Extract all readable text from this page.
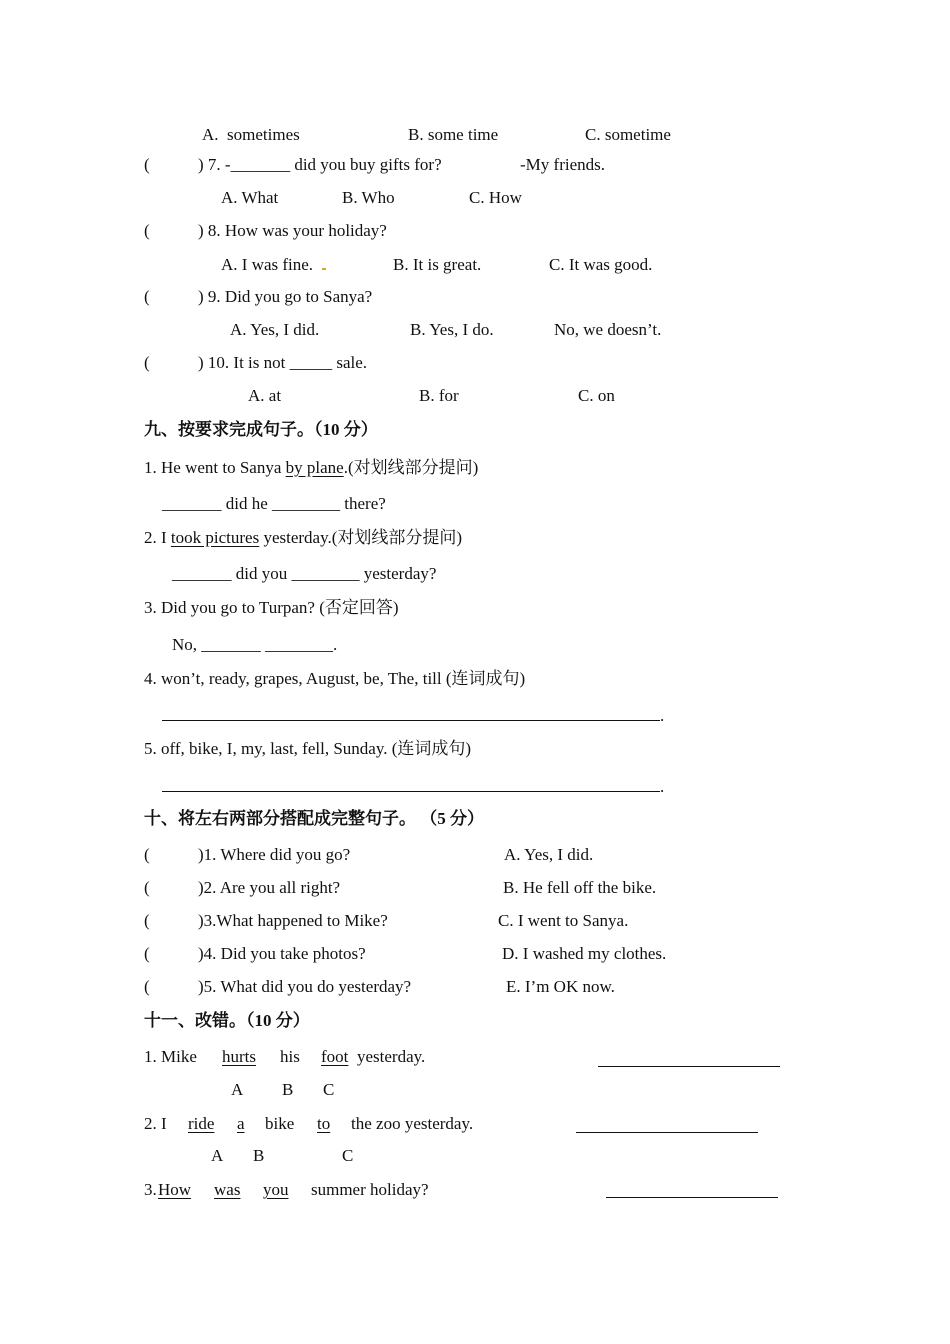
A.  sometimes	B. some time	C. sometime
(	) 7. -_______ did you buy gifts for?	-My friends.
A. What	B. Who	C. How
(	) 8. How was your holiday?
A. I was fine.	B. It is great.	C. It was good.
(	) 9. Did you go to Sanya?
A. Yes, I did.	B. Yes, I do.	No, we doesn’t.
(	) 10. It is not _____ sale.
A. at	B. for	C. on
九、按要求完成句子。（10 分）
1. He went to Sanya by plane.(对划线部分提问)
_______ did he ________ there?
2. I took pictures yesterday.(对划线部分提问)
_______ did you ________ yesterday?
3. Did you go to Turpan? (否定回答)
No, _______ ________.
4. won’t, ready, grapes, August, be, The, till (连词成句)
.
5. off, bike, I, my, last, fell, Sunday. (连词成句)
.
十、将左右两部分搭配成完整句子。 （5 分）
(	)1. Where did you go?	A. Yes, I did.
(	)2. Are you all right?	B. He fell off the bike.
(	)3.What happened to Mike?	C. I went to Sanya.
(	)4. Did you take photos?	D. I washed my clothes.
(	)5. What did you do yesterday?	E. I’m OK now.
十一、改错。（10 分）
1. Mike hurts his foot yesterday.
A B C
2. I ride a bike to the zoo yesterday.
A B	C
3. How was you summer holiday?
